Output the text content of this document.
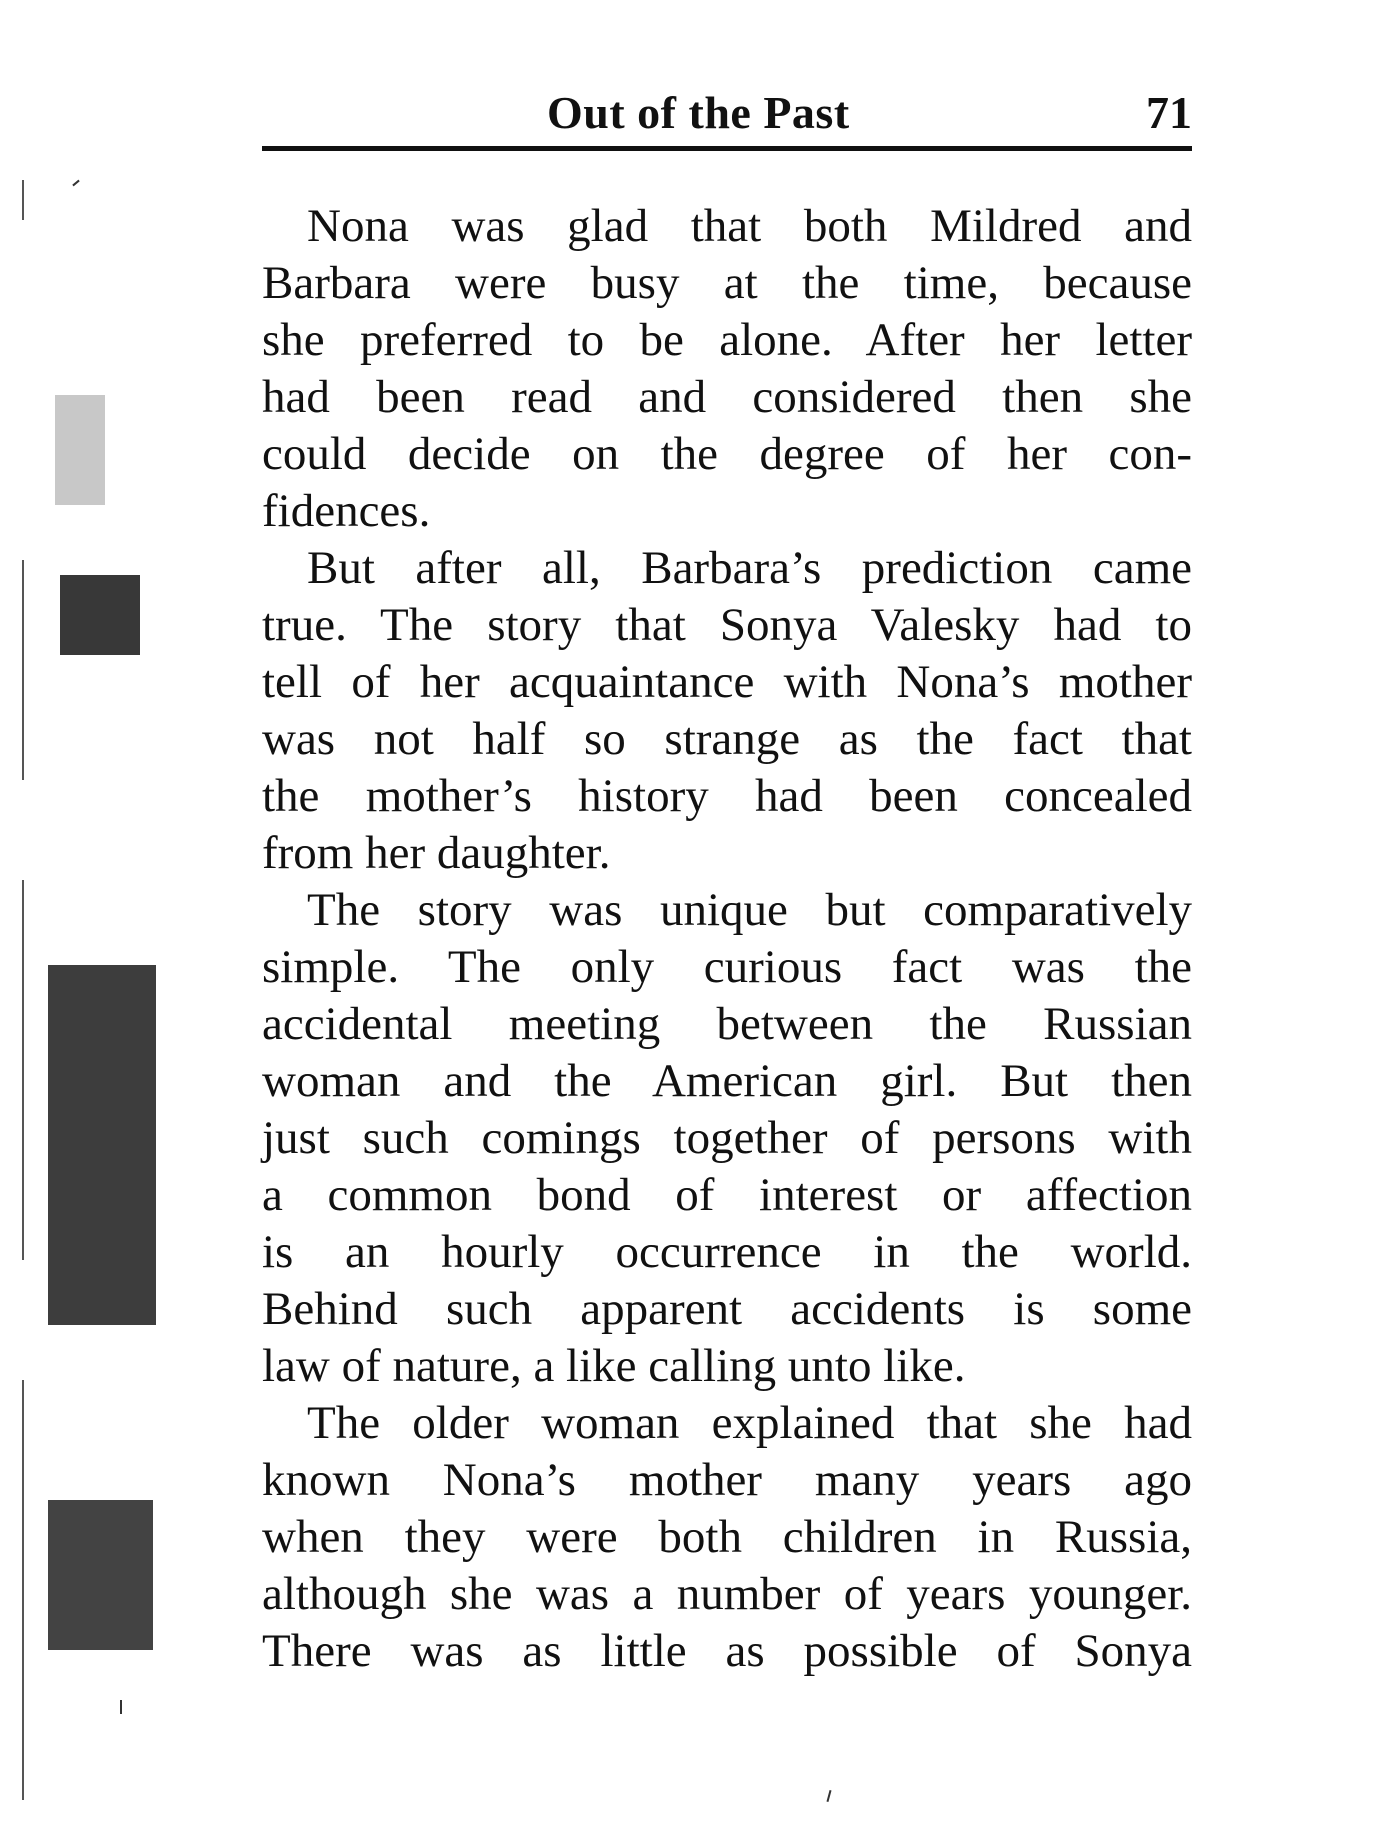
Out of the Past	71
Nona was glad that both Mildred and
Barbara were busy at the time, because
she preferred to be alone. After her letter
had been read and considered then she
could decide on the degree of her con-
fidences.
But after all, Barbara’s prediction came
true. The story that Sonya Valesky had to
tell of her acquaintance with Nona’s mother
was not half so strange as the fact that
the mother’s history had been concealed
from her daughter.
The story was unique but comparatively
simple. The only curious fact was the
accidental meeting between the Russian
woman and the American girl. But then
just such comings together of persons with
a common bond of interest or affection
is an hourly occurrence in the world.
Behind such apparent accidents is some
law of nature, a like calling unto like.
The older woman explained that she had
known Nona’s mother many years ago
when they were both children in Russia,
although she was a number of years younger.
There was as little as possible of Sonya
